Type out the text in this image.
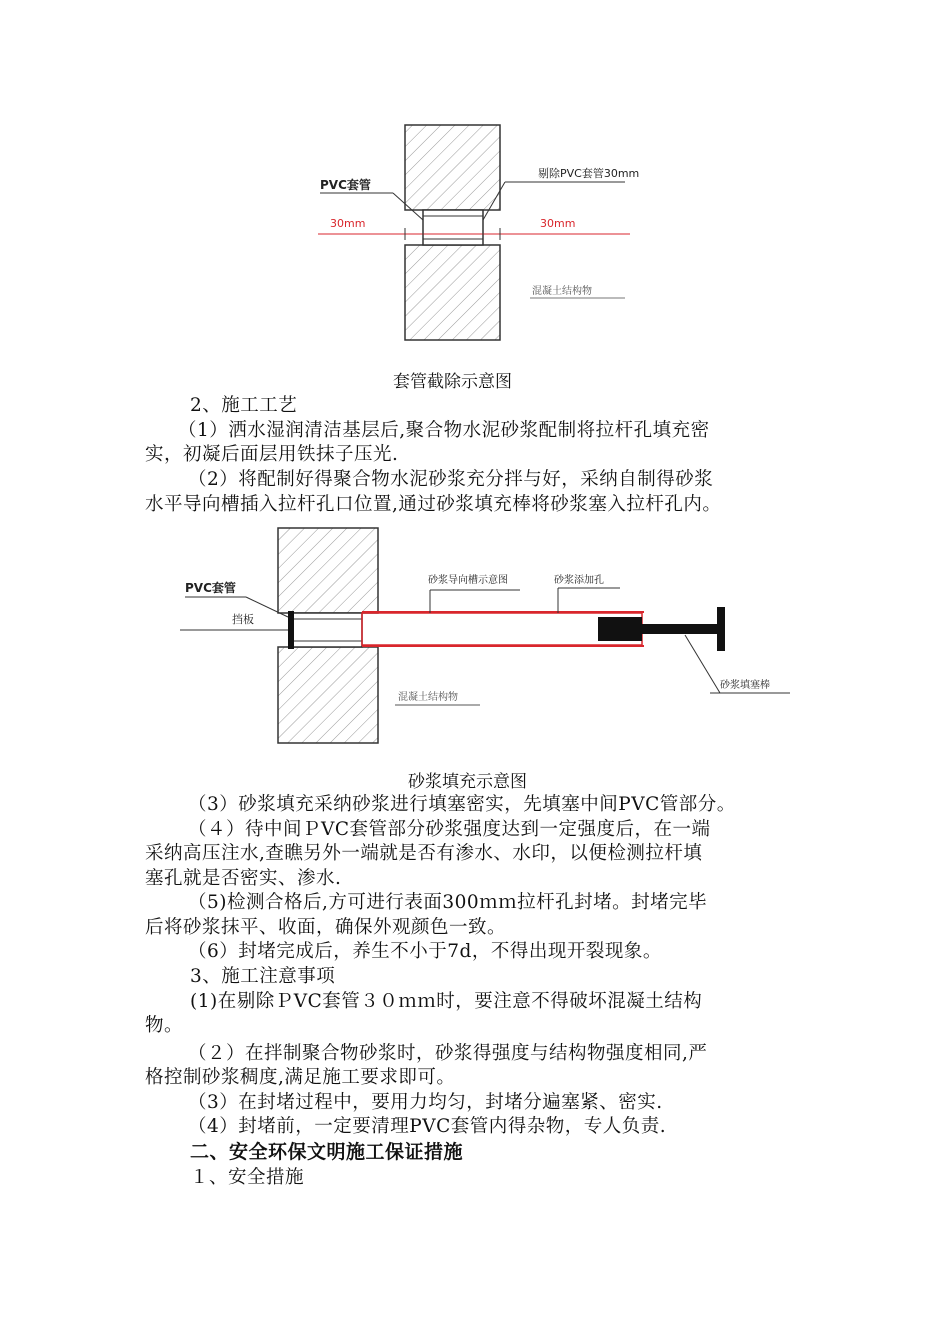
PVC套管
剔除PVC套管30mm
30mm	30mm
混凝土结构物
套管截除示意图
2、施工工艺
（1）洒水湿润清洁基层后,聚合物水泥砂浆配制将拉杆孔填充密
实，初凝后面层用铁抹子压光.
（2）将配制好得聚合物水泥砂浆充分拌与好，采纳自制得砂浆
水平导向槽插入拉杆孔口位置,通过砂浆填充棒将砂浆塞入拉杆孔内。
PVC套管
挡板
砂浆导向槽示意图	砂浆添加孔
混凝土结构物
砂浆填塞棒
砂浆填充示意图
（3）砂浆填充采纳砂浆进行填塞密实，先填塞中间PVC管部分。
（４）待中间ＰVC套管部分砂浆强度达到一定强度后，在一端
采纳高压注水,查瞧另外一端就是否有渗水、水印，以便检测拉杆填
塞孔就是否密实、渗水.
（5)检测合格后,方可进行表面300ｍｍ拉杆孔封堵。封堵完毕
后将砂浆抹平、收面，确保外观颜色一致。
（6）封堵完成后，养生不小于7d，不得出现开裂现象。
3、施工注意事项
(1)在剔除ＰVC套管３０ｍｍ时，要注意不得破坏混凝土结构
物。
（２）在拌制聚合物砂浆时，砂浆得强度与结构物强度相同,严
格控制砂浆稠度,满足施工要求即可。
（3）在封堵过程中，要用力均匀，封堵分遍塞紧、密实.
（4）封堵前，一定要清理PVC套管内得杂物，专人负责.
二、安全环保文明施工保证措施
１、安全措施
